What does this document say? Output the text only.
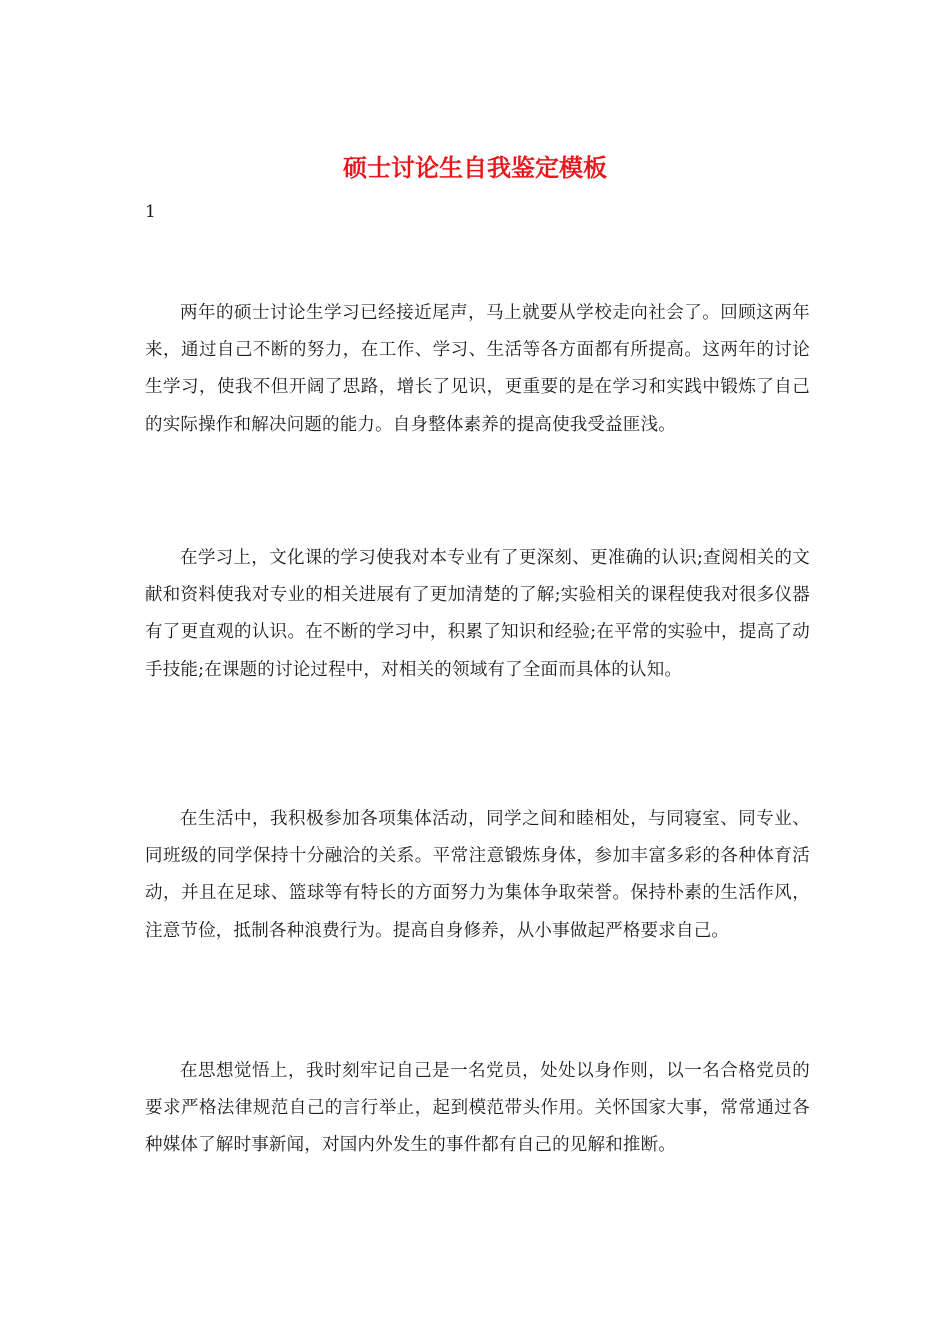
硕士讨论生自我鉴定模板

1

两年的硕士讨论生学习已经接近尾声，马上就要从学校走向社会了。回顾这两年来，通过自己不断的努力，在工作、学习、生活等各方面都有所提高。这两年的讨论生学习，使我不但开阔了思路，增长了见识，更重要的是在学习和实践中锻炼了自己的实际操作和解决问题的能力。自身整体素养的提高使我受益匪浅。

在学习上，文化课的学习使我对本专业有了更深刻、更准确的认识;查阅相关的文献和资料使我对专业的相关进展有了更加清楚的了解;实验相关的课程使我对很多仪器有了更直观的认识。在不断的学习中，积累了知识和经验;在平常的实验中，提高了动手技能;在课题的讨论过程中，对相关的领域有了全面而具体的认知。

在生活中，我积极参加各项集体活动，同学之间和睦相处，与同寝室、同专业、同班级的同学保持十分融洽的关系。平常注意锻炼身体，参加丰富多彩的各种体育活动，并且在足球、篮球等有特长的方面努力为集体争取荣誉。保持朴素的生活作风，注意节俭，抵制各种浪费行为。提高自身修养，从小事做起严格要求自己。

在思想觉悟上，我时刻牢记自己是一名党员，处处以身作则，以一名合格党员的要求严格法律规范自己的言行举止，起到模范带头作用。关怀国家大事，常常通过各种媒体了解时事新闻，对国内外发生的事件都有自己的见解和推断。
